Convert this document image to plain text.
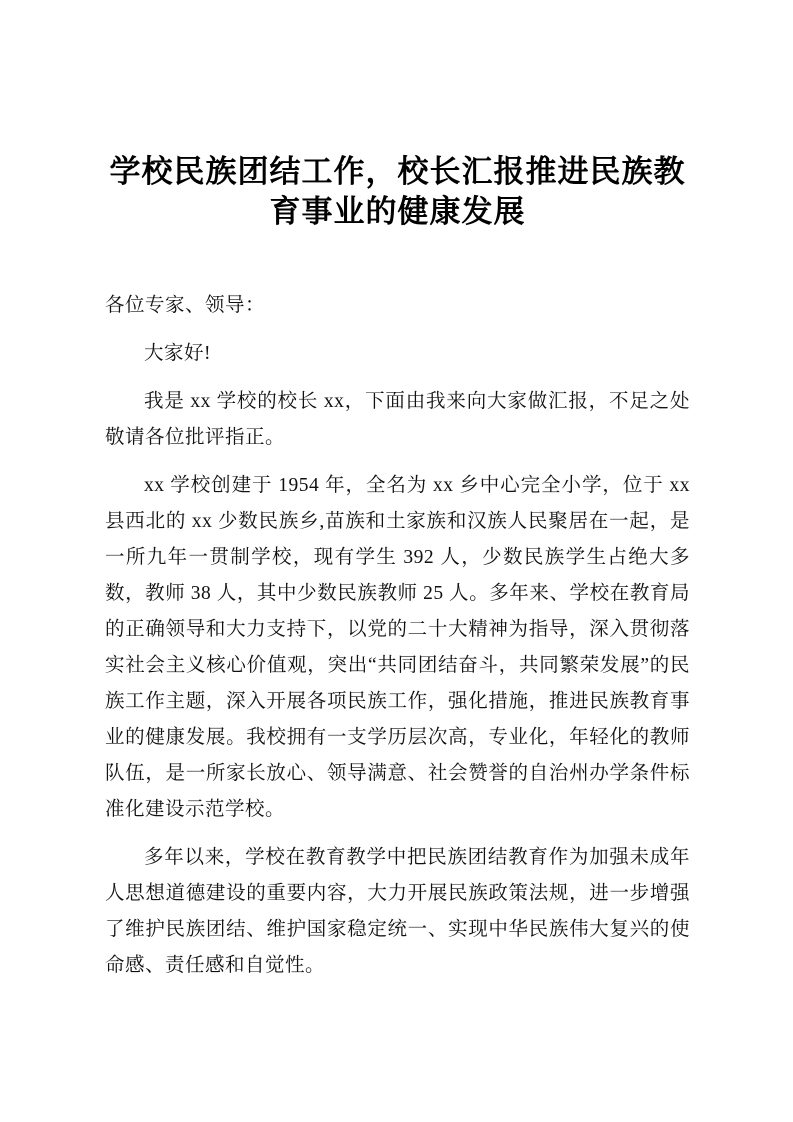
学校民族团结工作，校长汇报推进民族教育事业的健康发展

各位专家、领导：

大家好!

我是 xx 学校的校长 xx，下面由我来向大家做汇报，不足之处敬请各位批评指正。

xx 学校创建于 1954 年，全名为 xx 乡中心完全小学，位于 xx 县西北的 xx 少数民族乡,苗族和土家族和汉族人民聚居在一起，是一所九年一贯制学校，现有学生 392 人，少数民族学生占绝大多数，教师 38 人，其中少数民族教师 25 人。多年来、学校在教育局的正确领导和大力支持下，以党的二十大精神为指导，深入贯彻落实社会主义核心价值观，突出“共同团结奋斗，共同繁荣发展”的民族工作主题，深入开展各项民族工作，强化措施，推进民族教育事业的健康发展。我校拥有一支学历层次高，专业化，年轻化的教师队伍，是一所家长放心、领导满意、社会赞誉的自治州办学条件标准化建设示范学校。

多年以来，学校在教育教学中把民族团结教育作为加强未成年人思想道德建设的重要内容，大力开展民族政策法规，进一步增强了维护民族团结、维护国家稳定统一、实现中华民族伟大复兴的使命感、责任感和自觉性。
